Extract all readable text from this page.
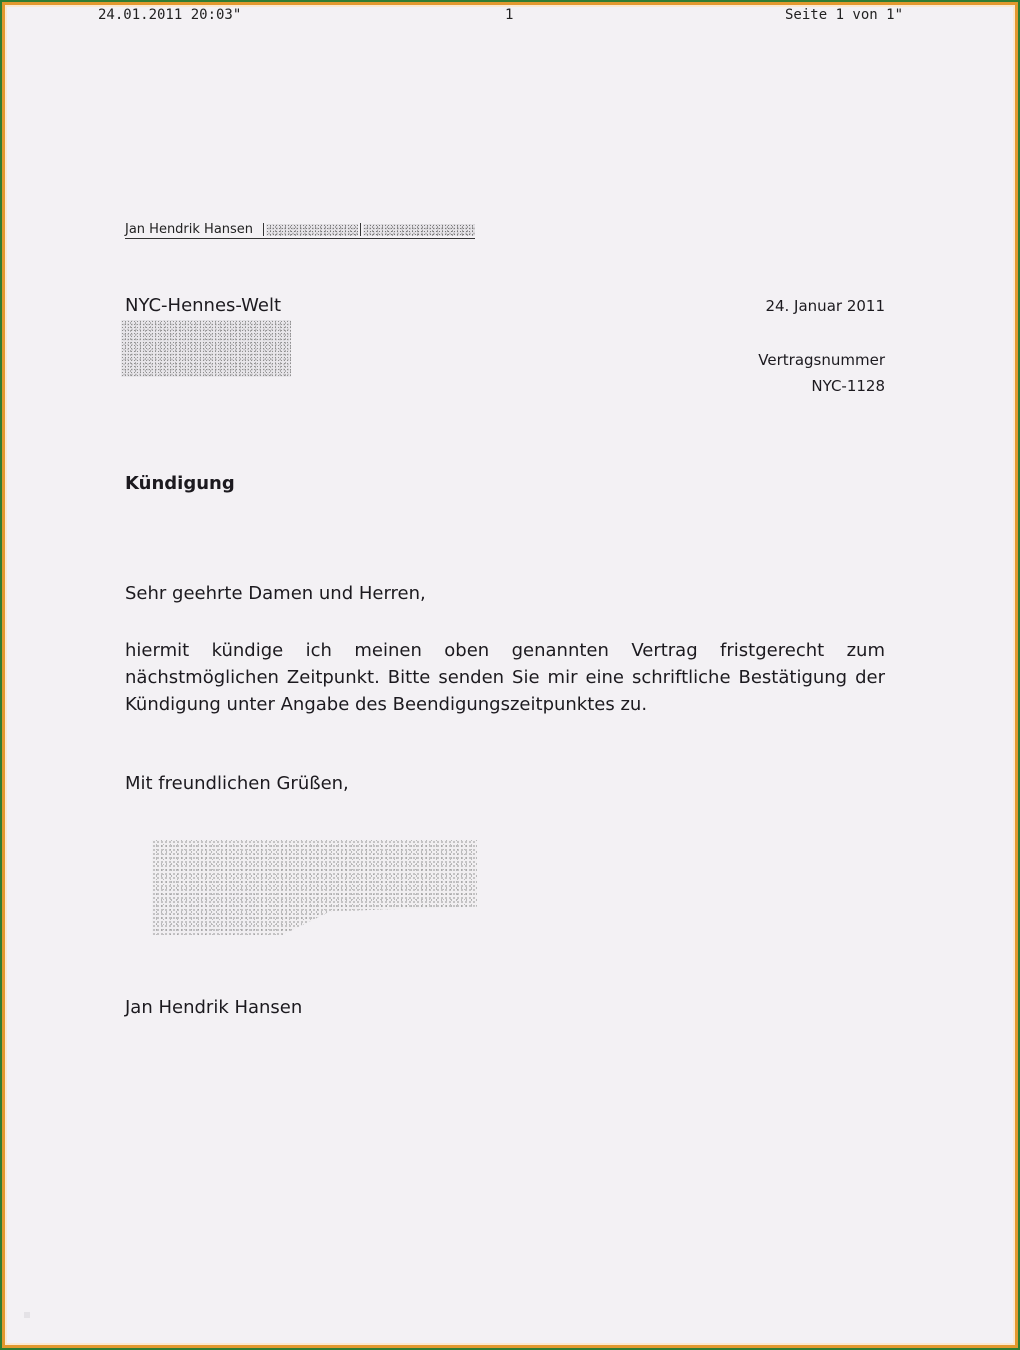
24.01.2011 20:03"	1	Seite 1 von 1"
Jan Hendrik Hansen
NYC-Hennes-Welt	24. Januar 2011
Vertragsnummer
NYC-1128
Kündigung
Sehr geehrte Damen und Herren,
hiermit kündige ich meinen oben genannten Vertrag fristgerecht zum nächstmöglichen Zeitpunkt. Bitte senden Sie mir eine schriftliche Bestätigung der Kündigung unter Angabe des Beendigungszeitpunktes zu.
Mit freundlichen Grüßen,
Jan Hendrik Hansen
